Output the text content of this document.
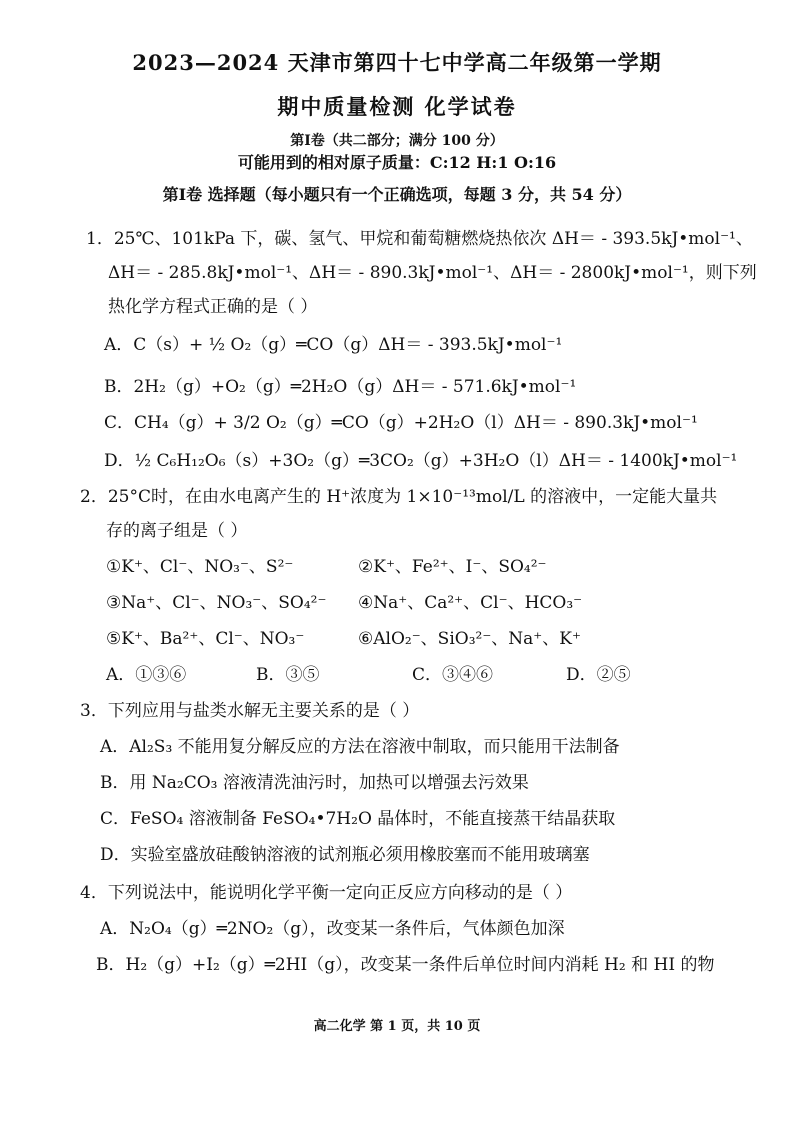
2023—2024 天津市第四十七中学高二年级第一学期
期中质量检测 化学试卷
第Ⅰ卷（共二部分；满分 100 分）
可能用到的相对原子质量：C:12 H:1 O:16
第Ⅰ卷 选择题（每小题只有一个正确选项，每题 3 分，共 54 分）
1．25℃、101kPa 下，碳、氢气、甲烷和葡萄糖燃烧热依次 ΔH＝ - 393.5kJ•mol⁻¹、
ΔH＝ - 285.8kJ•mol⁻¹、ΔH＝ - 890.3kJ•mol⁻¹、ΔH＝ - 2800kJ•mol⁻¹，则下列
热化学方程式正确的是（ ）
A．C（s）+ ½ O₂（g）═CO（g）ΔH＝ - 393.5kJ•mol⁻¹
B．2H₂（g）+O₂（g）═2H₂O（g）ΔH＝ - 571.6kJ•mol⁻¹
C．CH₄（g）+ 3/2 O₂（g）═CO（g）+2H₂O（l）ΔH＝ - 890.3kJ•mol⁻¹
D．½ C₆H₁₂O₆（s）+3O₂（g）═3CO₂（g）+3H₂O（l）ΔH＝ - 1400kJ•mol⁻¹
2．25°C时，在由水电离产生的 H⁺浓度为 1×10⁻¹³mol/L 的溶液中，一定能大量共
存的离子组是（ ）
①K⁺、Cl⁻、NO₃⁻、S²⁻	②K⁺、Fe²⁺、I⁻、SO₄²⁻
③Na⁺、Cl⁻、NO₃⁻、SO₄²⁻ ④Na⁺、Ca²⁺、Cl⁻、HCO₃⁻
⑤K⁺、Ba²⁺、Cl⁻、NO₃⁻	⑥AlO₂⁻、SiO₃²⁻、Na⁺、K⁺
A．①③⑥	B．③⑤	C．③④⑥	D．②⑤
3．下列应用与盐类水解无主要关系的是（ ）
A．Al₂S₃ 不能用复分解反应的方法在溶液中制取，而只能用干法制备
B．用 Na₂CO₃ 溶液清洗油污时，加热可以增强去污效果
C．FeSO₄ 溶液制备 FeSO₄•7H₂O 晶体时，不能直接蒸干结晶获取
D．实验室盛放硅酸钠溶液的试剂瓶必须用橡胶塞而不能用玻璃塞
4．下列说法中，能说明化学平衡一定向正反应方向移动的是（ ）
A．N₂O₄（g）═2NO₂（g），改变某一条件后，气体颜色加深
B．H₂（g）+I₂（g）═2HI（g），改变某一条件后单位时间内消耗 H₂ 和 HI 的物
高二化学 第 1 页，共 10 页
